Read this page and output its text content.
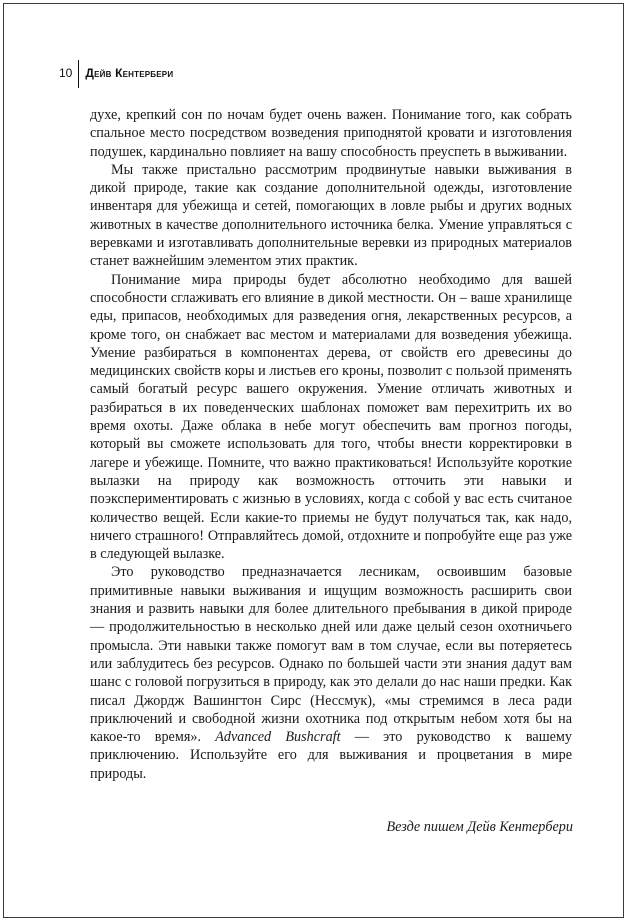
10	Дейв Кентербери

духе, крепкий сон по ночам будет очень важен. Понимание того, как собрать спальное место посредством возведения приподнятой кровати и изготовления подушек, кардинально повлияет на вашу способность преуспеть в выживании.

Мы также пристально рассмотрим продвинутые навыки выживания в дикой природе, такие как создание дополнительной одежды, изготовление инвентаря для убежища и сетей, помогающих в ловле рыбы и других водных животных в качестве дополнительного источника белка. Умение управляться с веревками и изготавливать дополнительные веревки из природных материалов станет важнейшим элементом этих практик.

Понимание мира природы будет абсолютно необходимо для вашей способности сглаживать его влияние в дикой местности. Он – ваше хранилище еды, припасов, необходимых для разведения огня, лекарственных ресурсов, а кроме того, он снабжает вас местом и материалами для возведения убежища. Умение разбираться в компонентах дерева, от свойств его древесины до медицинских свойств коры и листьев его кроны, позволит с пользой применять самый богатый ресурс вашего окружения. Умение отличать животных и разбираться в их поведенческих шаблонах поможет вам перехитрить их во время охоты. Даже облака в небе могут обеспечить вам прогноз погоды, который вы сможете использовать для того, чтобы внести корректировки в лагере и убежище. Помните, что важно практиковаться! Используйте короткие вылазки на природу как возможность отточить эти навыки и поэкспериментировать с жизнью в условиях, когда с собой у вас есть считаное количество вещей. Если какие-то приемы не будут получаться так, как надо, ничего страшного! Отправляйтесь домой, отдохните и попробуйте еще раз уже в следующей вылазке.

Это руководство предназначается лесникам, освоившим базовые примитивные навыки выживания и ищущим возможность расширить свои знания и развить навыки для более длительного пребывания в дикой природе — продолжительностью в несколько дней или даже целый сезон охотничьего промысла. Эти навыки также помогут вам в том случае, если вы потеряетесь или заблудитесь без ресурсов. Однако по большей части эти знания дадут вам шанс с головой погрузиться в природу, как это делали до нас наши предки. Как писал Джордж Вашингтон Сирс (Нессмук), «мы стремимся в леса ради приключений и свободной жизни охотника под открытым небом хотя бы на какое-то время». Advanced Bushcraft — это руководство к вашему приключению. Используйте его для выживания и процветания в мире природы.

Везде пишем Дейв Кентербери
